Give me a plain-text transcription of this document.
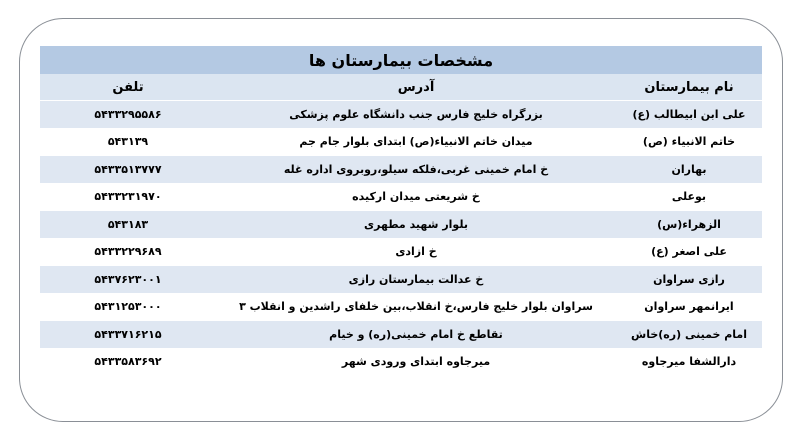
مشخصات بیمارستان ها		
نام بیمارستان	آدرس	تلفن
علی ابن ابیطالب (ع)	بزرگراه خلیج فارس جنب دانشگاه علوم پزشکی	۵۴۳۳۲۹۵۵۸۶
خاتم الانبیاء (ص)	میدان خاتم الانبیاء(ص) ابتدای بلوار جام جم	۵۴۳۱۳۹
بهاران	خ امام خمینی غربی،فلکه سیلو،روبروی اداره غله	۵۴۳۳۵۱۳۷۷۷
بوعلی	خ شریعتی میدان ارکیده	۵۴۳۳۲۳۱۹۷۰
الزهراء(س)	بلوار شهید مطهری	۵۴۳۱۸۳
علی اصغر (ع)	خ ازادی	۵۴۳۳۲۲۹۶۸۹
رازی سراوان	خ عدالت بیمارستان رازی	۵۴۳۷۶۲۳۰۰۱
ایرانمهر سراوان	سراوان بلوار خلیج فارس،خ انقلاب،بین خلفای راشدین و انقلاب ۳	۵۴۳۱۲۵۳۰۰۰
امام خمینی (ره)خاش	تقاطع خ امام خمینی(ره) و خیام	۵۴۳۳۷۱۶۲۱۵
دارالشفا میرجاوه	میرجاوه ابتدای ورودی شهر	۵۴۳۳۵۸۳۶۹۲
